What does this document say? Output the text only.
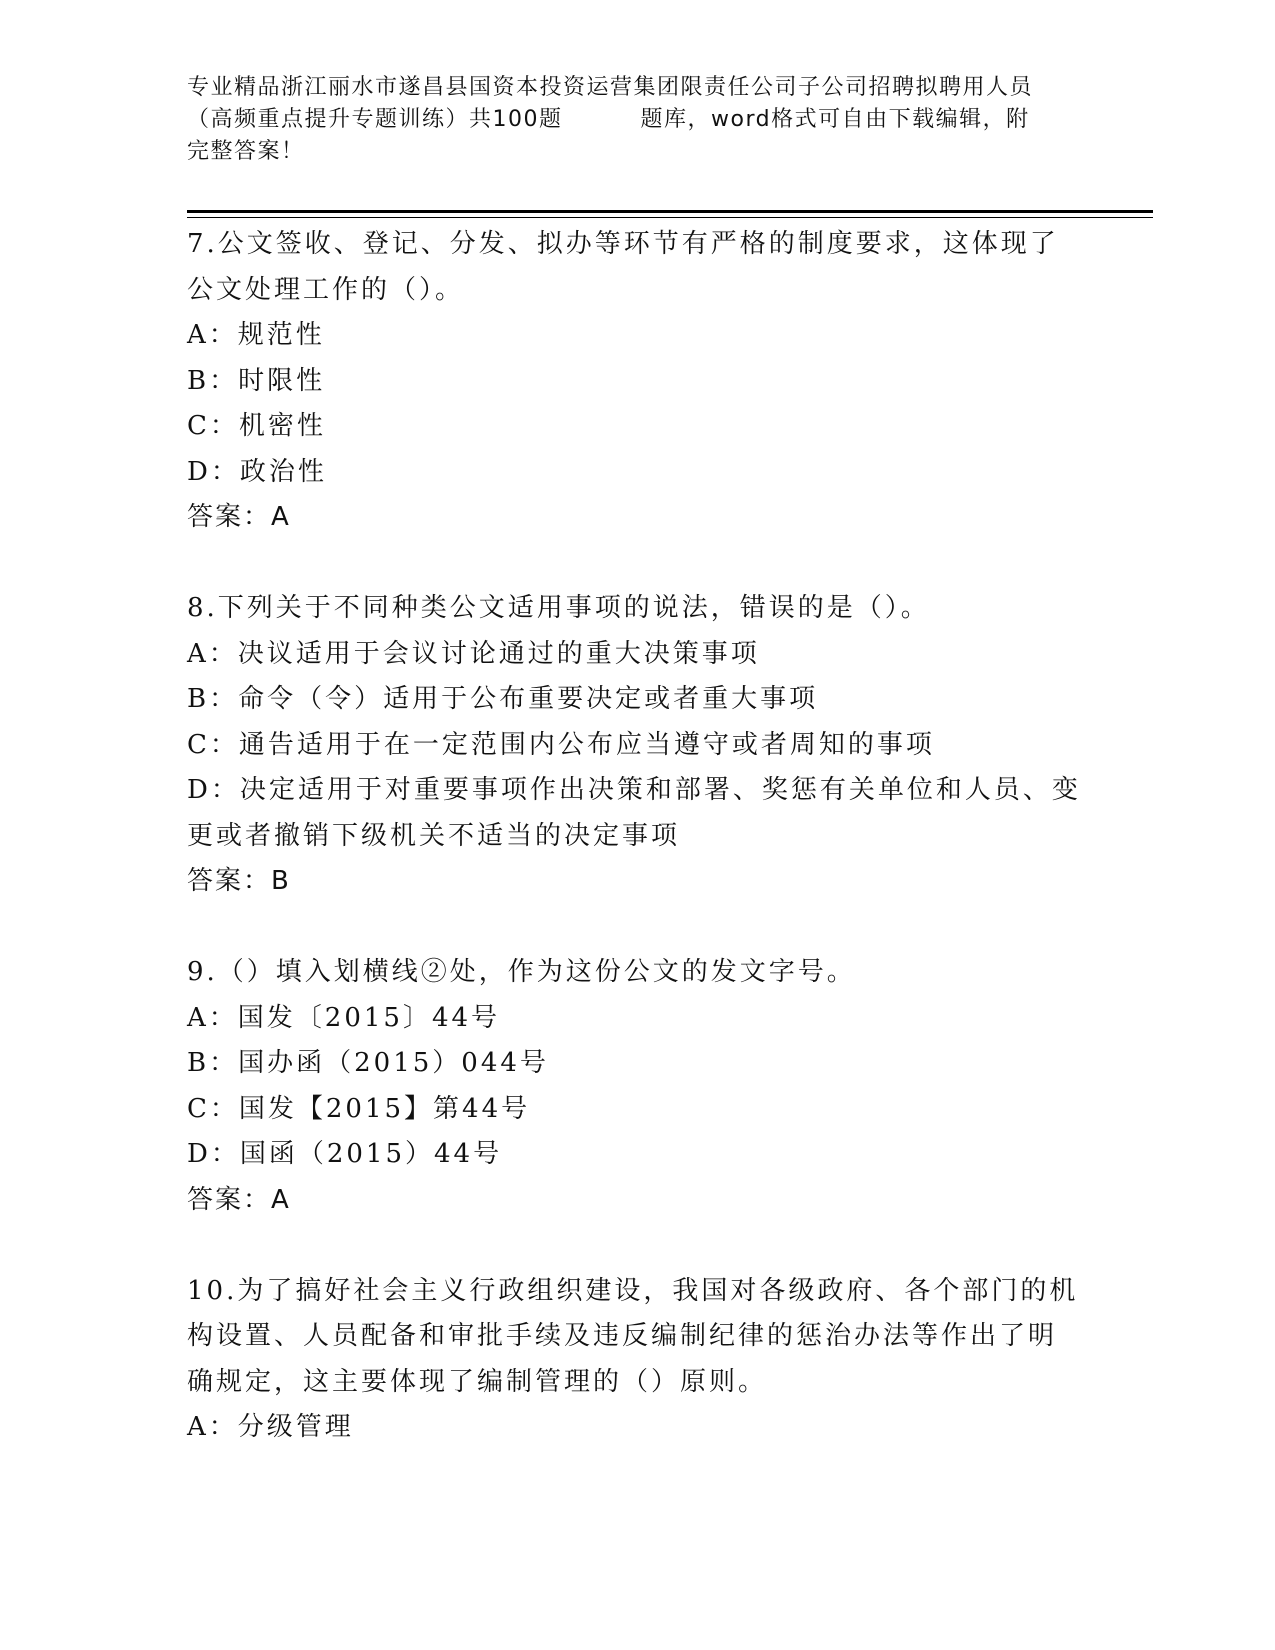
专业精品浙江丽水市遂昌县国资本投资运营集团限责任公司子公司招聘拟聘用人员
（高频重点提升专题训练）共100题	题库，word格式可自由下载编辑，附
完整答案！

7.公文签收、登记、分发、拟办等环节有严格的制度要求，这体现了

公文处理工作的（）。

A：规范性

B：时限性

C：机密性

D：政治性

答案：A

8.下列关于不同种类公文适用事项的说法，错误的是（）。

A：决议适用于会议讨论通过的重大决策事项

B：命令（令）适用于公布重要决定或者重大事项

C：通告适用于在一定范围内公布应当遵守或者周知的事项

D：决定适用于对重要事项作出决策和部署、奖惩有关单位和人员、变

更或者撤销下级机关不适当的决定事项

答案：B

9.（）填入划横线②处，作为这份公文的发文字号。

A：国发〔2015〕44号

B：国办函（2015）044号

C：国发【2015】第44号

D：国函（2015）44号

答案：A

10.为了搞好社会主义行政组织建设，我国对各级政府、各个部门的机

构设置、人员配备和审批手续及违反编制纪律的惩治办法等作出了明

确规定，这主要体现了编制管理的（）原则。

A：分级管理
